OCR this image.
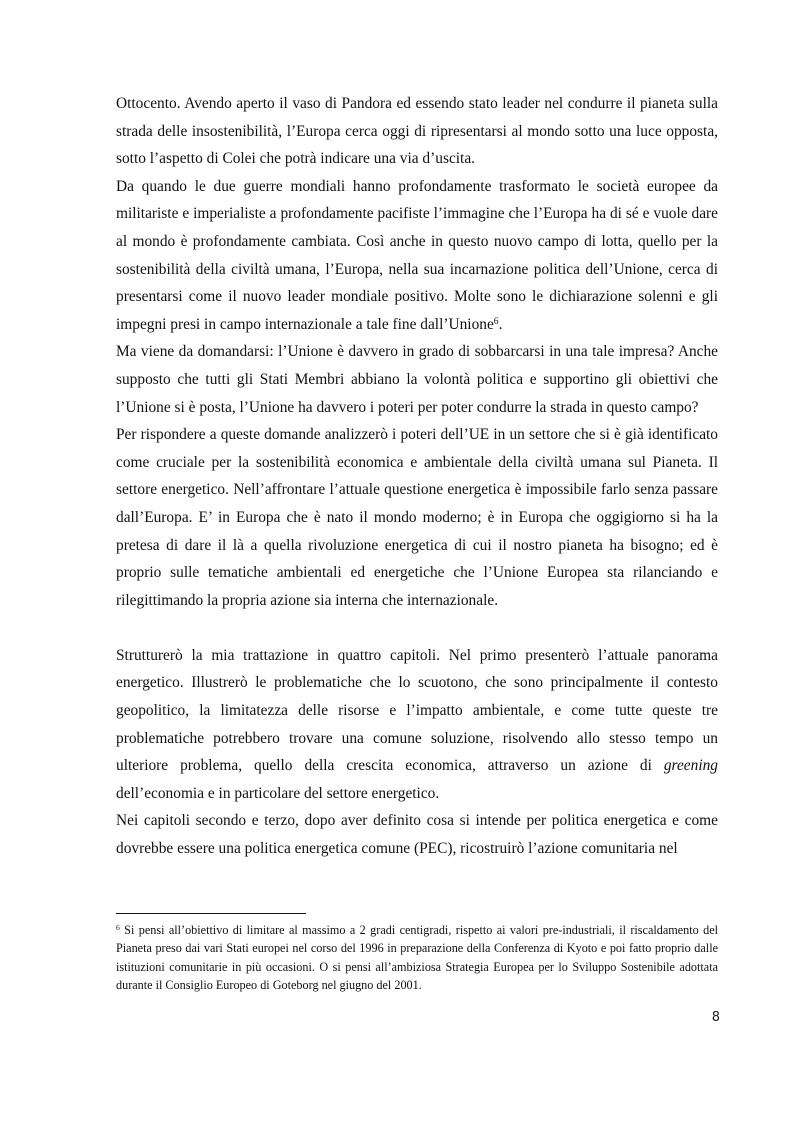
Ottocento. Avendo aperto il vaso di Pandora ed essendo stato leader nel condurre il pianeta sulla strada delle insostenibilità, l’Europa cerca oggi di ripresentarsi al mondo sotto una luce opposta, sotto l’aspetto di Colei che potrà indicare una via d’uscita.

Da quando le due guerre mondiali hanno profondamente trasformato le società europee da militariste e imperialiste a profondamente pacifiste l’immagine che l’Europa ha di sé e vuole dare al mondo è profondamente cambiata. Così anche in questo nuovo campo di lotta, quello per la sostenibilità della civiltà umana, l’Europa, nella sua incarnazione politica dell’Unione, cerca di presentarsi come il nuovo leader mondiale positivo. Molte sono le dichiarazione solenni e gli impegni presi in campo internazionale a tale fine dall’Unione$^6$.

Ma viene da domandarsi: l’Unione è davvero in grado di sobbarcarsi in una tale impresa? Anche supposto che tutti gli Stati Membri abbiano la volontà politica e supportino gli obiettivi che l’Unione si è posta, l’Unione ha davvero i poteri per poter condurre la strada in questo campo?

Per rispondere a queste domande analizzerò i poteri dell’UE in un settore che si è già identificato come cruciale per la sostenibilità economica e ambientale della civiltà umana sul Pianeta. Il settore energetico. Nell’affrontare l’attuale questione energetica è impossibile farlo senza passare dall’Europa. E’ in Europa che è nato il mondo moderno; è in Europa che oggigiorno si ha la pretesa di dare il là a quella rivoluzione energetica di cui il nostro pianeta ha bisogno; ed è proprio sulle tematiche ambientali ed energetiche che l’Unione Europea sta rilanciando e rilegittimando la propria azione sia interna che internazionale.

Strutturerò la mia trattazione in quattro capitoli. Nel primo presenterò l’attuale panorama energetico. Illustrerò le problematiche che lo scuotono, che sono principalmente il contesto geopolitico, la limitatezza delle risorse e l’impatto ambientale, e come tutte queste tre problematiche potrebbero trovare una comune soluzione, risolvendo allo stesso tempo un ulteriore problema, quello della crescita economica, attraverso un azione di greening dell’economia e in particolare del settore energetico.

Nei capitoli secondo e terzo, dopo aver definito cosa si intende per politica energetica e come dovrebbe essere una politica energetica comune (PEC), ricostruirò l’azione comunitaria nel

$^6$ Si pensi all’obiettivo di limitare al massimo a 2 gradi centigradi, rispetto ai valori pre-industriali, il riscaldamento del Pianeta preso dai vari Stati europei nel corso del 1996 in preparazione della Conferenza di Kyoto e poi fatto proprio dalle istituzioni comunitarie in più occasioni. O si pensi all’ambiziosa Strategia Europea per lo Sviluppo Sostenibile adottata durante il Consiglio Europeo di Goteborg nel giugno del 2001.

8
